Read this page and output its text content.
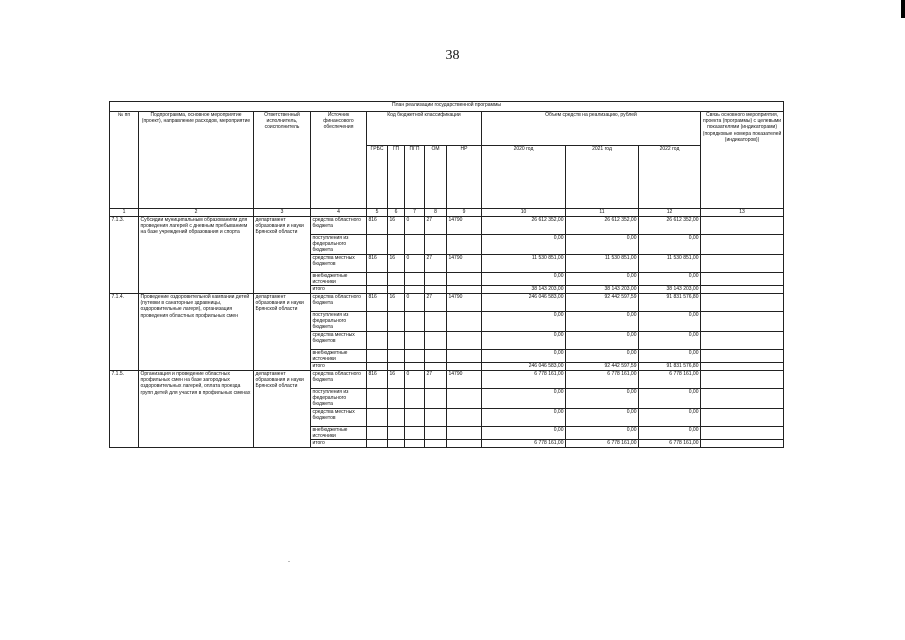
38
План реализации государственной программы												
№ пп	Подпрограмма, основное мероприятие (проект), направление расходов, мероприятие	Ответственный исполнитель, соисполнитель	Источник финансового обеспечения	Код бюджетной классификации					Объем средств на реализацию, рублей			Связь основного мероприятия, проекта (программы) с целевыми показателями (индикаторами) (порядковые номера показателей (индикаторов))
				ГРБС	ГП	ПГП	ОМ	НР	2020 год	2021 год	2022 год	
1	2	3	4	5	6	7	8	9	10	11	12	13
7.1.3.	Субсидии муниципальным образованиям для проведения лагерей с дневным пребыванием на базе учреждений образования и спорта	департамент образования и науки Брянской области	средства областного бюджета	816	16	0	27	14790	26 612 352,00	26 612 352,00	26 612 352,00	
			поступления из федерального бюджета						0,00	0,00	0,00	
			средства местных бюджетов	816	16	0	27	14790	11 530 851,00	11 530 851,00	11 530 851,00	
			внебюджетные источники						0,00	0,00	0,00	
			итого						38 143 203,00	38 143 203,00	38 143 203,00	
7.1.4.	Проведение оздоровительной кампании детей (путевки в санаторные здравницы, оздоровительные лагеря), организация проведения областных профильных смен	департамент образования и науки Брянской области	средства областного бюджета	816	16	0	27	14790	246 046 583,00	92 442 597,59	91 831 576,80	
			поступления из федерального бюджета						0,00	0,00	0,00	
			средства местных бюджетов						0,00	0,00	0,00	
			внебюджетные источники						0,00	0,00	0,00	
			итого						246 046 583,00	92 442 597,59	91 831 576,80	
7.1.5.	Организация и проведение областных профильных смен на базе загородных оздоровительных лагерей, оплата проезда групп детей для участия в профильных сменах	департамент образования и науки Брянской области	средства областного бюджета	816	16	0	27	14790	6 778 161,00	6 778 161,00	6 778 161,00	
			поступления из федерального бюджета						0,00	0,00	0,00	
			средства местных бюджетов						0,00	0,00	0,00	
			внебюджетные источники						0,00	0,00	0,00	
			итого						6 778 161,00	6 778 161,00	6 778 161,00	
